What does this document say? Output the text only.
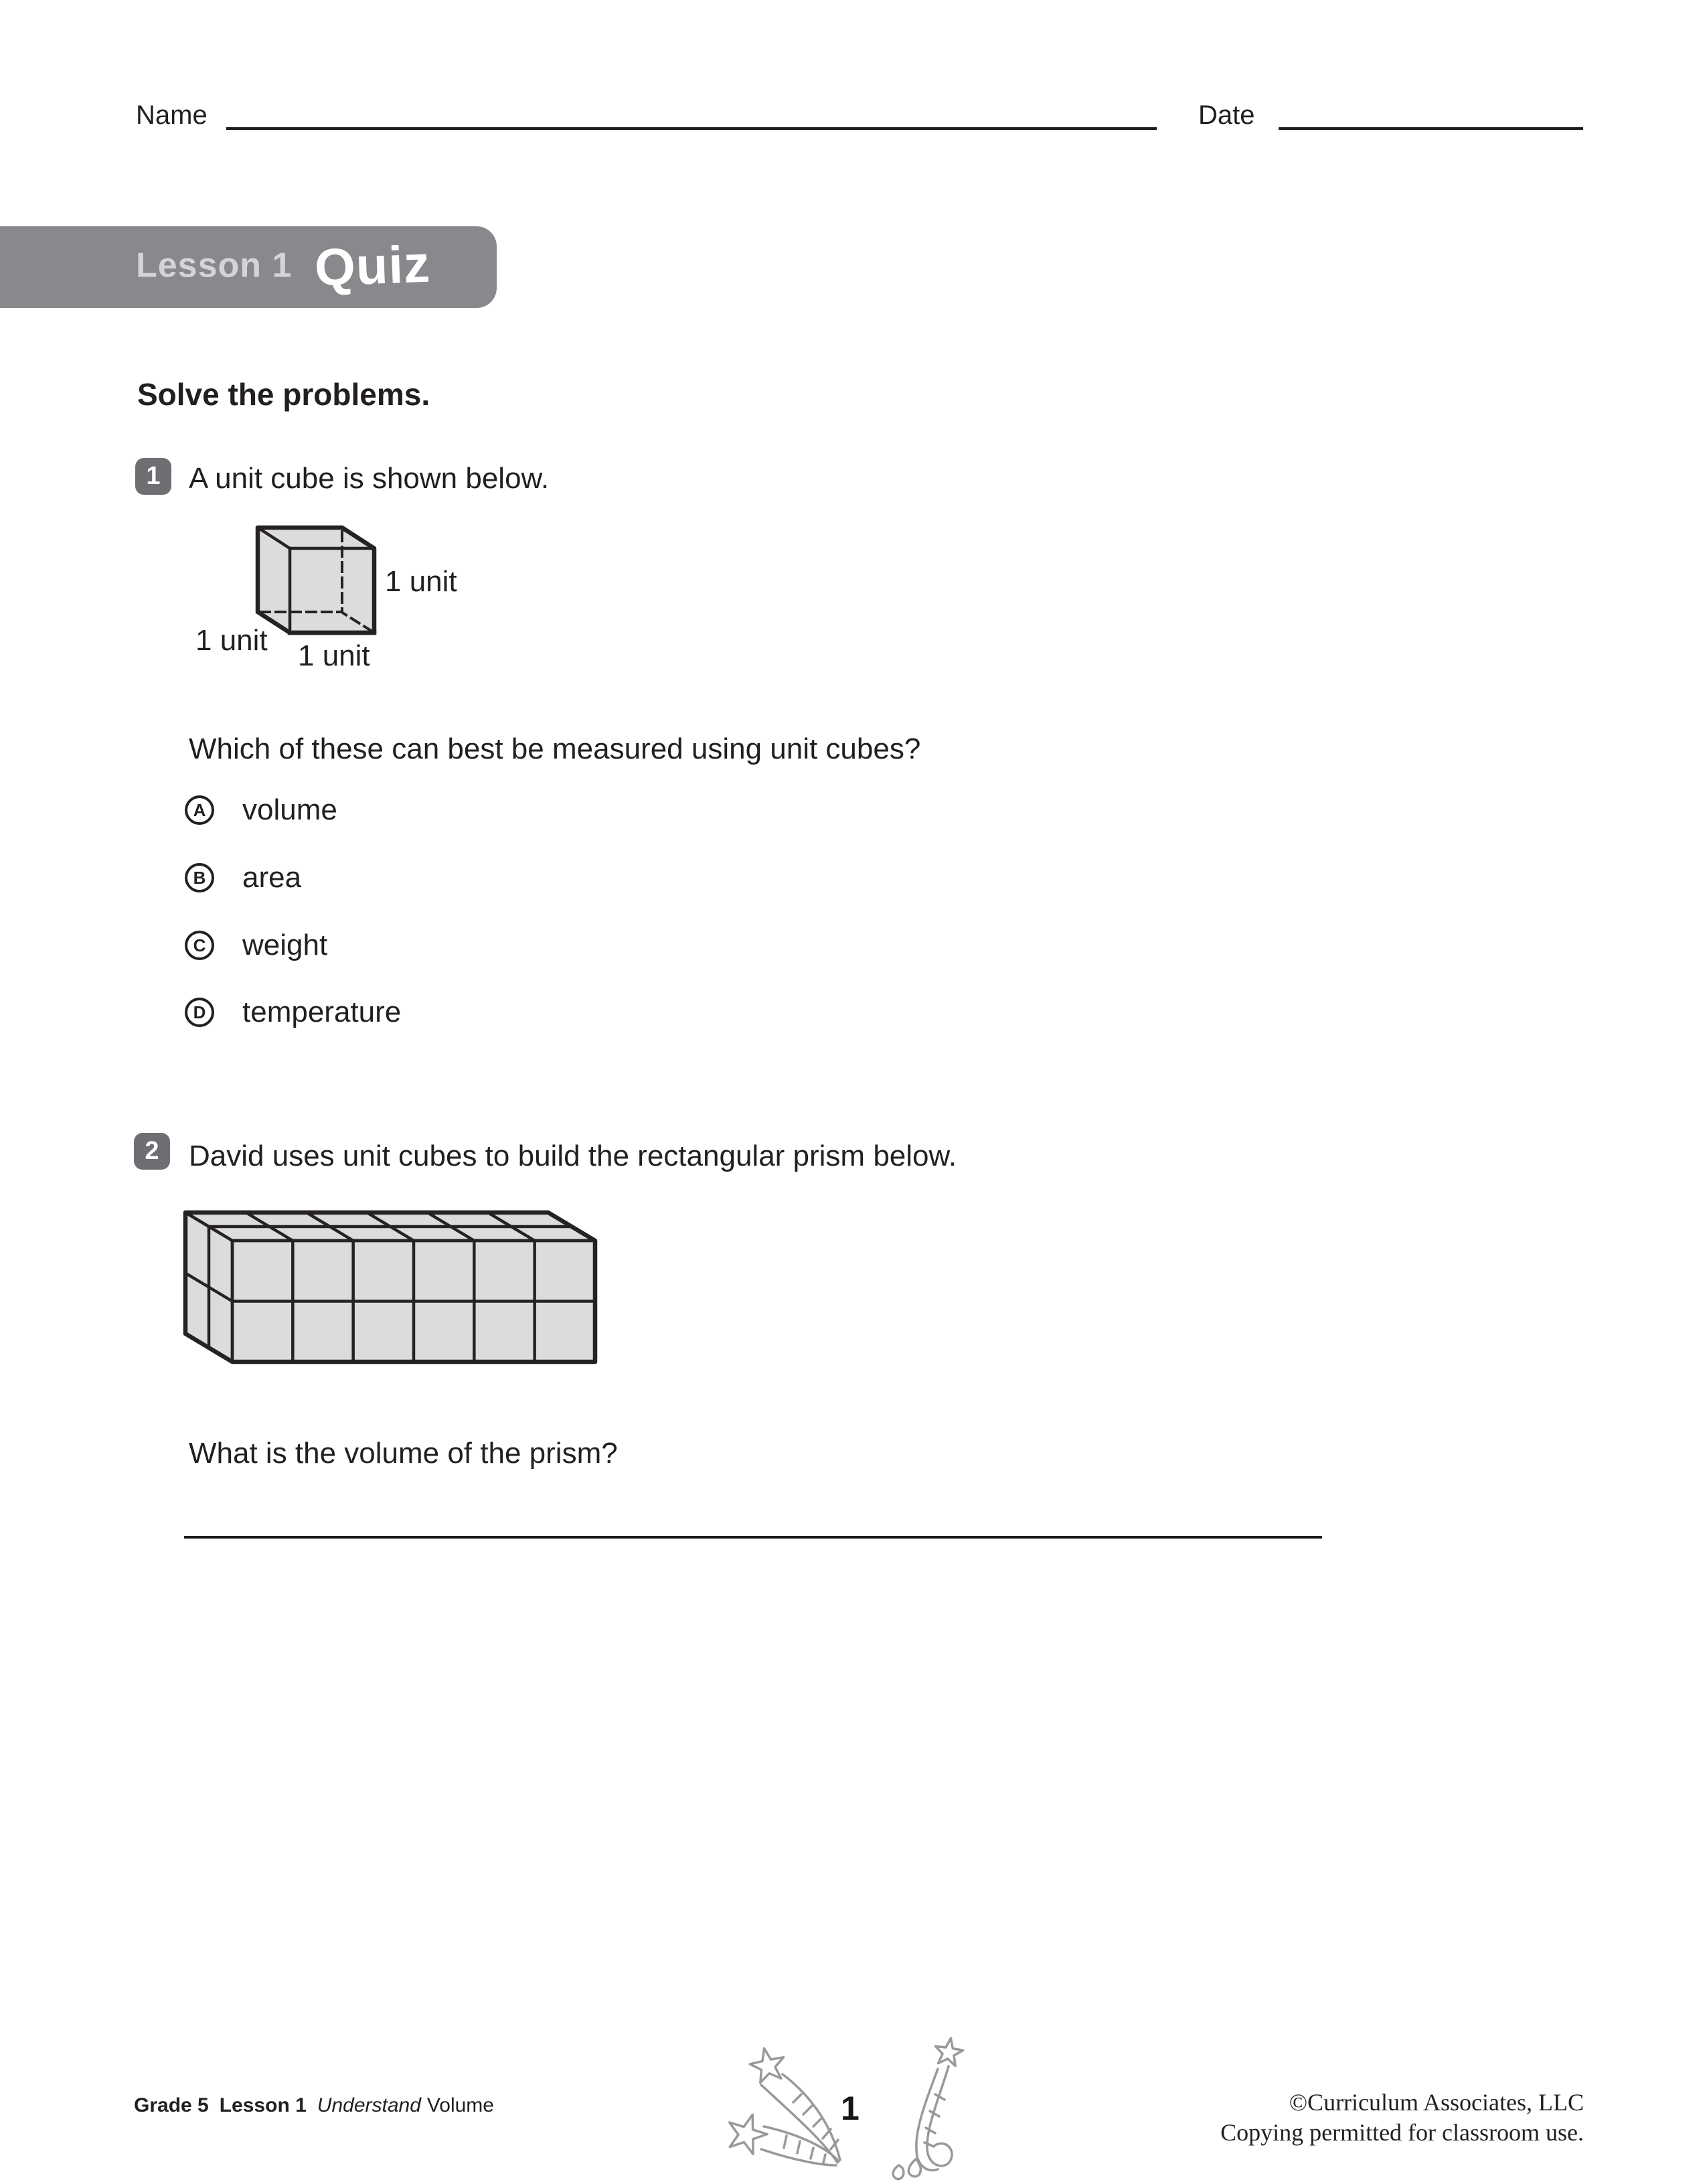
Name	Date
Lesson 1 Quiz
Solve the problems.
1 A unit cube is shown below.
1 unit
1 unit 1 unit
Which of these can best be measured using unit cubes?
A volume
B area
C weight
D temperature
2 David uses unit cubes to build the rectangular prism below.
What is the volume of the prism?
Grade 5 Lesson 1 Understand Volume	1	©Curriculum Associates, LLC
Copying permitted for classroom use.
